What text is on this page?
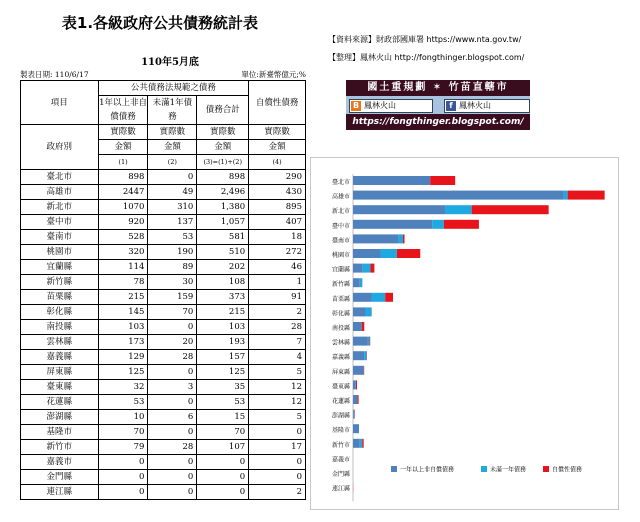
表1.各級政府公共債務統計表
110年5月底
製表日期: 110/6/17	單位:新臺幣億元;%
【資料來源】財政部國庫署 https://www.nta.gov.tw/
【整理】鳳林火山 http://fongthinger.blogspot.com/
國土重規劃 ✶ 竹苗直轄市
B 鳳林火山	f 鳳林火山
https://fongthinger.blogspot.com/
項目	公共債務法規範之債務			自償性債務
	1年以上非自償債務	未滿1年債務	債務合計	
政府別	實際數	實際數	實際數	實際數
	金額	金額	金額	金額
	(1)	(2)	(3)=(1)+(2)	(4)
臺北市	898	0	898	290
高雄市	2447	49	2,496	430
新北市	1070	310	1,380	895
臺中市	920	137	1,057	407
臺南市	528	53	581	18
桃園市	320	190	510	272
宜蘭縣	114	89	202	46
新竹縣	78	30	108	1
苗栗縣	215	159	373	91
彰化縣	145	70	215	2
南投縣	103	0	103	28
雲林縣	173	20	193	7
嘉義縣	129	28	157	4
屏東縣	125	0	125	5
臺東縣	32	3	35	12
花蓮縣	53	0	53	12
澎湖縣	10	6	15	5
基隆市	70	0	70	0
新竹市	79	28	107	17
嘉義市	0	0	0	0
金門縣	0	0	0	0
連江縣	0	0	0	2
臺北市
高雄市
新北市
臺中市
臺南市
桃園市
宜蘭縣
新竹縣
苗栗縣
彰化縣
南投縣
雲林縣
嘉義縣
屏東縣
臺東縣
花蓮縣
澎湖縣
基隆市
新竹市
嘉義市
金門縣
連江縣
一年以上非自償債務	未滿一年債務	自償性債務
